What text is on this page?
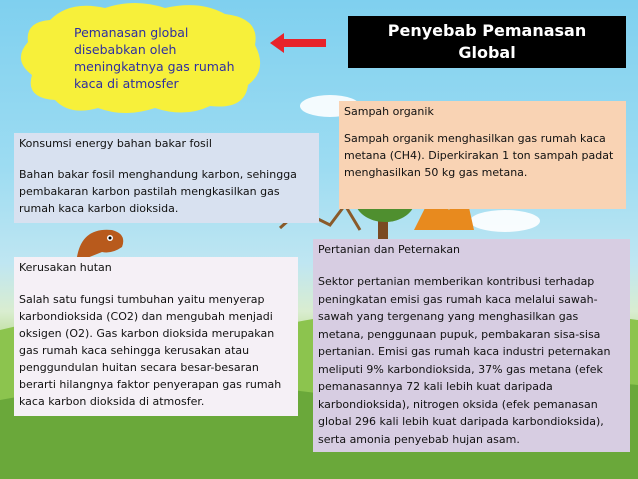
Pemanasan global disebabkan oleh meningkatnya gas rumah kaca di atmosfer
Penyebab Pemanasan
Global
Sampah organik
Sampah organik menghasilkan gas rumah kaca metana (CH4). Diperkirakan 1 ton sampah padat menghasilkan 50 kg gas metana.
Konsumsi energy bahan bakar fosil
Bahan bakar fosil menghandung karbon, sehingga pembakaran karbon pastilah mengkasilkan gas rumah kaca karbon dioksida.
Kerusakan hutan
Salah satu fungsi tumbuhan yaitu menyerap karbondioksida (CO2) dan mengubah menjadi oksigen (O2). Gas karbon dioksida merupakan gas rumah kaca sehingga kerusakan atau penggundulan huitan secara besar-besaran berarti hilangnya faktor penyerapan gas rumah kaca karbon dioksida di atmosfer.
Pertanian dan Peternakan
Sektor pertanian memberikan kontribusi terhadap peningkatan emisi gas rumah kaca melalui sawah-sawah yang tergenang yang menghasilkan gas metana, penggunaan pupuk, pembakaran sisa-sisa pertanian. Emisi gas rumah kaca industri peternakan meliputi 9% karbondioksida, 37% gas metana (efek pemanasannya 72 kali lebih kuat daripada karbondioksida), nitrogen oksida (efek pemanasan global 296 kali lebih kuat daripada karbondioksida), serta amonia penyebab hujan asam.
